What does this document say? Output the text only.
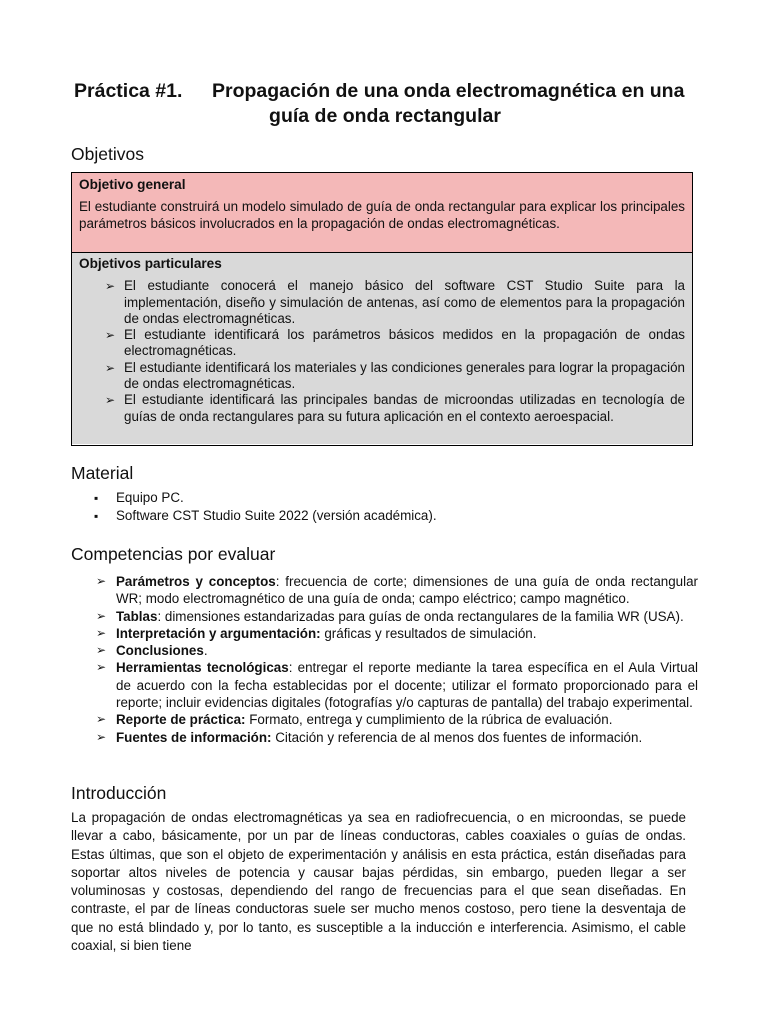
Práctica #1. Propagación de una onda electromagnética en una
guía de onda rectangular
Objetivos
Objetivo general

El estudiante construirá un modelo simulado de guía de onda rectangular para explicar los principales parámetros básicos involucrados en la propagación de ondas electromagnéticas.

Objetivos particulares
➢ El estudiante conocerá el manejo básico del software CST Studio Suite para la implementación, diseño y simulación de antenas, así como de elementos para la propagación de ondas electromagnéticas.
➢ El estudiante identificará los parámetros básicos medidos en la propagación de ondas electromagnéticas.
➢ El estudiante identificará los materiales y las condiciones generales para lograr la propagación de ondas electromagnéticas.
➢ El estudiante identificará las principales bandas de microondas utilizadas en tecnología de guías de onda rectangulares para su futura aplicación en el contexto aeroespacial.
Material
▪ Equipo PC.
▪ Software CST Studio Suite 2022 (versión académica).
Competencias por evaluar
➢ Parámetros y conceptos: frecuencia de corte; dimensiones de una guía de onda rectangular WR; modo electromagnético de una guía de onda; campo eléctrico; campo magnético.
➢ Tablas: dimensiones estandarizadas para guías de onda rectangulares de la familia WR (USA).
➢ Interpretación y argumentación: gráficas y resultados de simulación.
➢ Conclusiones.
➢ Herramientas tecnológicas: entregar el reporte mediante la tarea específica en el Aula Virtual de acuerdo con la fecha establecidas por el docente; utilizar el formato proporcionado para el reporte; incluir evidencias digitales (fotografías y/o capturas de pantalla) del trabajo experimental.
➢ Reporte de práctica: Formato, entrega y cumplimiento de la rúbrica de evaluación.
➢ Fuentes de información: Citación y referencia de al menos dos fuentes de información.
Introducción

La propagación de ondas electromagnéticas ya sea en radiofrecuencia, o en microondas, se puede llevar a cabo, básicamente, por un par de líneas conductoras, cables coaxiales o guías de ondas. Estas últimas, que son el objeto de experimentación y análisis en esta práctica, están diseñadas para soportar altos niveles de potencia y causar bajas pérdidas, sin embargo, pueden llegar a ser voluminosas y costosas, dependiendo del rango de frecuencias para el que sean diseñadas. En contraste, el par de líneas conductoras suele ser mucho menos costoso, pero tiene la desventaja de que no está blindado y, por lo tanto, es susceptible a la inducción e interferencia. Asimismo, el cable coaxial, si bien tiene
